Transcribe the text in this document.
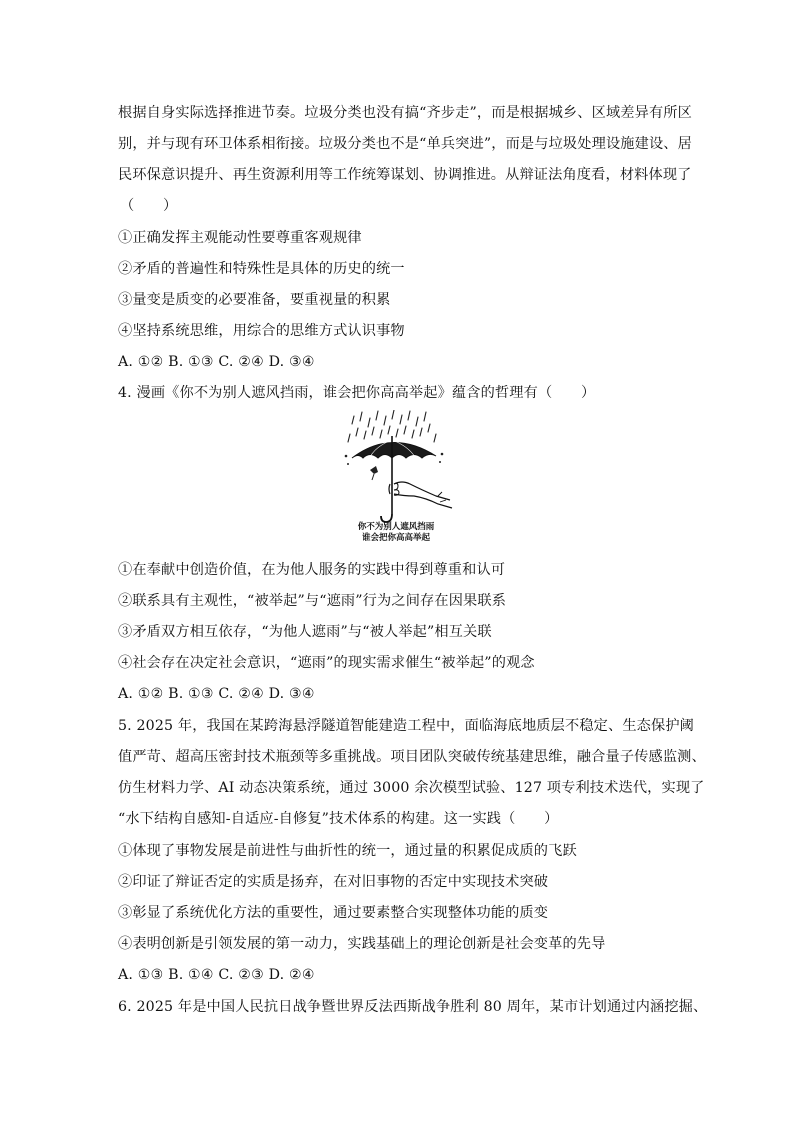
根据自身实际选择推进节奏。垃圾分类也没有搞“齐步走”，而是根据城乡、区域差异有所区
别，并与现有环卫体系相衔接。垃圾分类也不是“单兵突进”，而是与垃圾处理设施建设、居
民环保意识提升、再生资源利用等工作统筹谋划、协调推进。从辩证法角度看，材料体现了
（　　）
①正确发挥主观能动性要尊重客观规律
②矛盾的普遍性和特殊性是具体的历史的统一
③量变是质变的必要准备，要重视量的积累
④坚持系统思维，用综合的思维方式认识事物
A. ①② B. ①③ C. ②④ D. ③④
4. 漫画《你不为别人遮风挡雨，谁会把你高高举起》蕴含的哲理有（　　）
你不为别人遮风挡雨
谁会把你高高举起
①在奉献中创造价值，在为他人服务的实践中得到尊重和认可
②联系具有主观性，“被举起”与“遮雨”行为之间存在因果联系
③矛盾双方相互依存，“为他人遮雨”与“被人举起”相互关联
④社会存在决定社会意识，“遮雨”的现实需求催生“被举起”的观念
A. ①② B. ①③ C. ②④ D. ③④
5. 2025 年，我国在某跨海悬浮隧道智能建造工程中，面临海底地质层不稳定、生态保护阈
值严苛、超高压密封技术瓶颈等多重挑战。项目团队突破传统基建思维，融合量子传感监测、
仿生材料力学、AI 动态决策系统，通过 3000 余次模型试验、127 项专利技术迭代，实现了
“水下结构自感知-自适应-自修复”技术体系的构建。这一实践（　　）
①体现了事物发展是前进性与曲折性的统一，通过量的积累促成质的飞跃
②印证了辩证否定的实质是扬弃，在对旧事物的否定中实现技术突破
③彰显了系统优化方法的重要性，通过要素整合实现整体功能的质变
④表明创新是引领发展的第一动力，实践基础上的理论创新是社会变革的先导
A. ①③ B. ①④ C. ②③ D. ②④
6. 2025 年是中国人民抗日战争暨世界反法西斯战争胜利 80 周年，某市计划通过内涵挖掘、
